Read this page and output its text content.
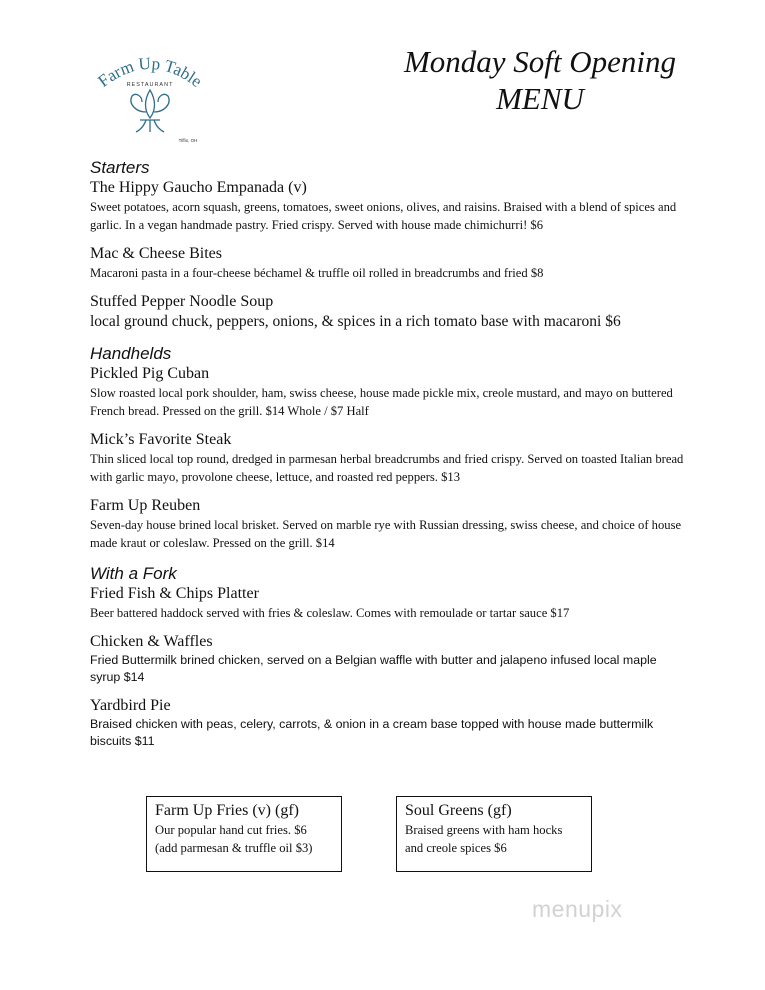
Farm Up Table
RESTAURANT
Tiffin, OH
Monday Soft Opening
MENU
Starters
The Hippy Gaucho Empanada (v)
Sweet potatoes, acorn squash, greens, tomatoes, sweet onions, olives, and raisins. Braised with a blend of spices and garlic. In a vegan handmade pastry. Fried crispy. Served with house made chimichurri! $6
Mac & Cheese Bites
Macaroni pasta in a four-cheese béchamel & truffle oil rolled in breadcrumbs and fried $8
Stuffed Pepper Noodle Soup
local ground chuck, peppers, onions, & spices in a rich tomato base with macaroni $6
Handhelds
Pickled Pig Cuban
Slow roasted local pork shoulder, ham, swiss cheese, house made pickle mix, creole mustard, and mayo on buttered French bread. Pressed on the grill. $14 Whole / $7 Half
Mick’s Favorite Steak
Thin sliced local top round, dredged in parmesan herbal breadcrumbs and fried crispy. Served on toasted Italian bread with garlic mayo, provolone cheese, lettuce, and roasted red peppers. $13
Farm Up Reuben
Seven-day house brined local brisket. Served on marble rye with Russian dressing, swiss cheese, and choice of house made kraut or coleslaw. Pressed on the grill. $14
With a Fork
Fried Fish & Chips Platter
Beer battered haddock served with fries & coleslaw. Comes with remoulade or tartar sauce $17
Chicken & Waffles
Fried Buttermilk brined chicken, served on a Belgian waffle with butter and jalapeno infused local maple syrup $14
Yardbird Pie
Braised chicken with peas, celery, carrots, & onion in a cream base topped with house made buttermilk biscuits $11
Farm Up Fries (v) (gf)
Our popular hand cut fries. $6
(add parmesan & truffle oil $3)
Soul Greens (gf)
Braised greens with ham hocks
and creole spices $6
menupix
